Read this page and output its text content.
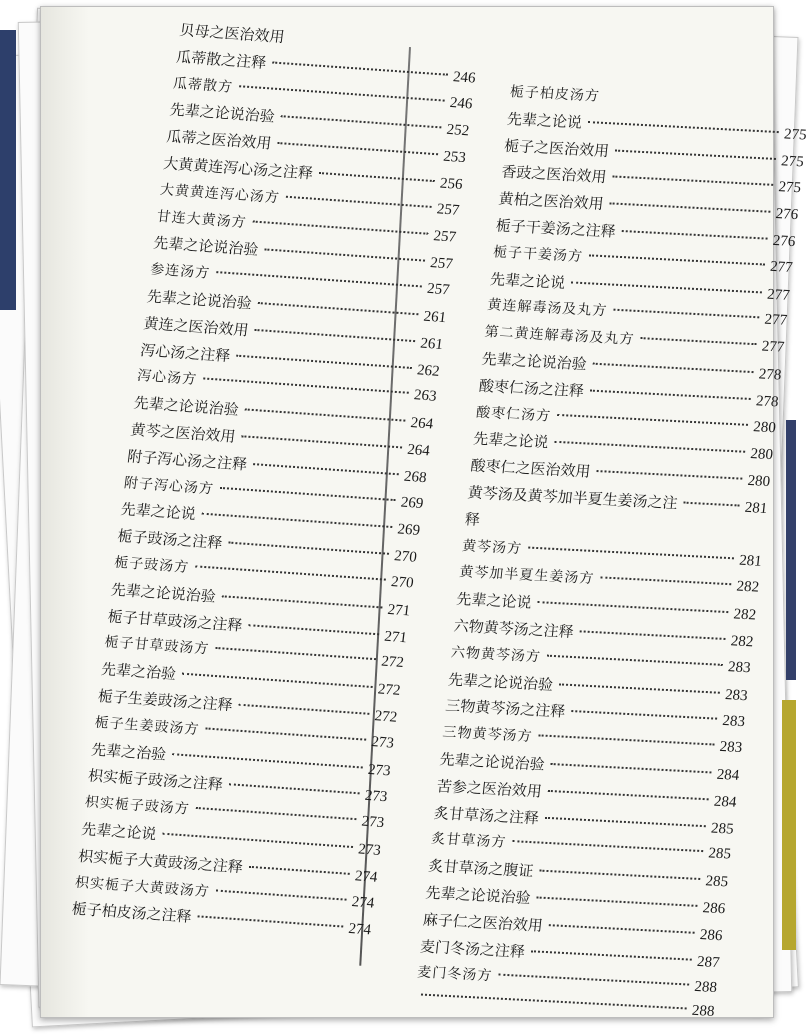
贝母之医治效用
瓜蒂散之注释
246
瓜蒂散方
246
先辈之论说治验
252
瓜蒂之医治效用
253
大黄黄连泻心汤之注释
256
大黄黄连泻心汤方
257
甘连大黄汤方
257
先辈之论说治验
257
参连汤方
257
先辈之论说治验
261
黄连之医治效用
261
泻心汤之注释
262
泻心汤方
263
先辈之论说治验
264
黄芩之医治效用
264
附子泻心汤之注释
268
附子泻心汤方
269
先辈之论说
269
栀子豉汤之注释
270
栀子豉汤方
270
先辈之论说治验
271
栀子甘草豉汤之注释
271
栀子甘草豉汤方
272
先辈之治验
272
栀子生姜豉汤之注释
272
栀子生姜豉汤方
273
先辈之治验
273
枳实栀子豉汤之注释
273
枳实栀子豉汤方
273
先辈之论说
273
枳实栀子大黄豉汤之注释
274
枳实栀子大黄豉汤方
274
栀子柏皮汤之注释
274
栀子柏皮汤方
先辈之论说
275
栀子之医治效用
275
香豉之医治效用
275
黄柏之医治效用
276
栀子干姜汤之注释
276
栀子干姜汤方
277
先辈之论说
277
黄连解毒汤及丸方
277
第二黄连解毒汤及丸方	277
先辈之论说治验
278
酸枣仁汤之注释
278
酸枣仁汤方
280
先辈之论说
280
酸枣仁之医治效用
280
黄芩汤及黄芩加半夏生姜汤之注	281
释
黄芩汤方
281
黄芩加半夏生姜汤方
282
先辈之论说
282
六物黄芩汤之注释
282
六物黄芩汤方
283
先辈之论说治验
283
三物黄芩汤之注释
283
三物黄芩汤方
283
先辈之论说治验
284
苦参之医治效用
284
炙甘草汤之注释
285
炙甘草汤方
285
炙甘草汤之腹证
285
先辈之论说治验
286
麻子仁之医治效用
286
麦门冬汤之注释
287
麦门冬汤方
288
288
